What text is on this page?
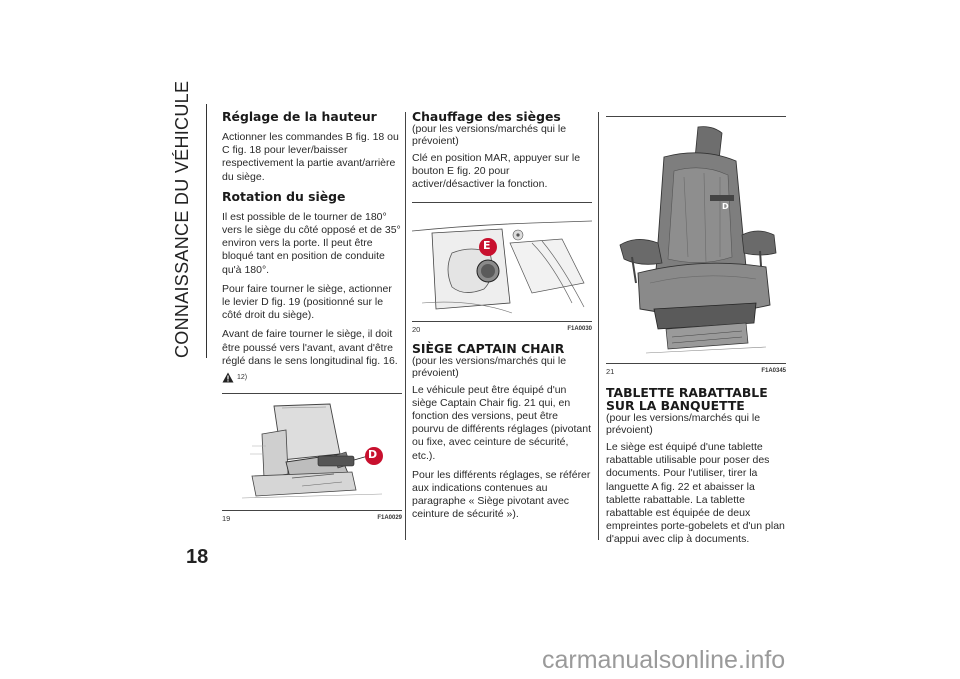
CONNAISSANCE DU VÉHICULE
18
Réglage de la hauteur

Actionner les commandes B fig. 18 ou C fig. 18 pour lever/baisser respectivement la partie avant/arrière du siège.

Rotation du siège

Il est possible de le tourner de 180° vers le siège du côté opposé et de 35° environ vers la porte. Il peut être bloqué tant en position de conduite qu'à 180°.

Pour faire tourner le siège, actionner le levier D fig. 19 (positionné sur le côté droit du siège).

Avant de faire tourner le siège, il doit être poussé vers l'avant, avant d'être réglé dans le sens longitudinal fig. 16.

12)
D
19	F1A0029
Chauffage des sièges
(pour les versions/marchés qui le prévoient)

Clé en position MAR, appuyer sur le bouton E fig. 20 pour activer/désactiver la fonction.

E
20	F1A0030
SIÈGE CAPTAIN CHAIR
(pour les versions/marchés qui le prévoient)

Le véhicule peut être équipé d'un siège Captain Chair fig. 21 qui, en fonction des versions, peut être pourvu de différents réglages (pivotant ou fixe, avec ceinture de sécurité, etc.).

Pour les différents réglages, se référer aux indications contenues au paragraphe « Siège pivotant avec ceinture de sécurité »).

D
21	F1A0345
TABLETTE RABATTABLE SUR LA BANQUETTE
(pour les versions/marchés qui le prévoient)

Le siège est équipé d'une tablette rabattable utilisable pour poser des documents. Pour l'utiliser, tirer la languette A fig. 22 et abaisser la tablette rabattable. La tablette rabattable est équipée de deux empreintes porte-gobelets et d'un plan d'appui avec clip à documents.

carmanualsonline.info
